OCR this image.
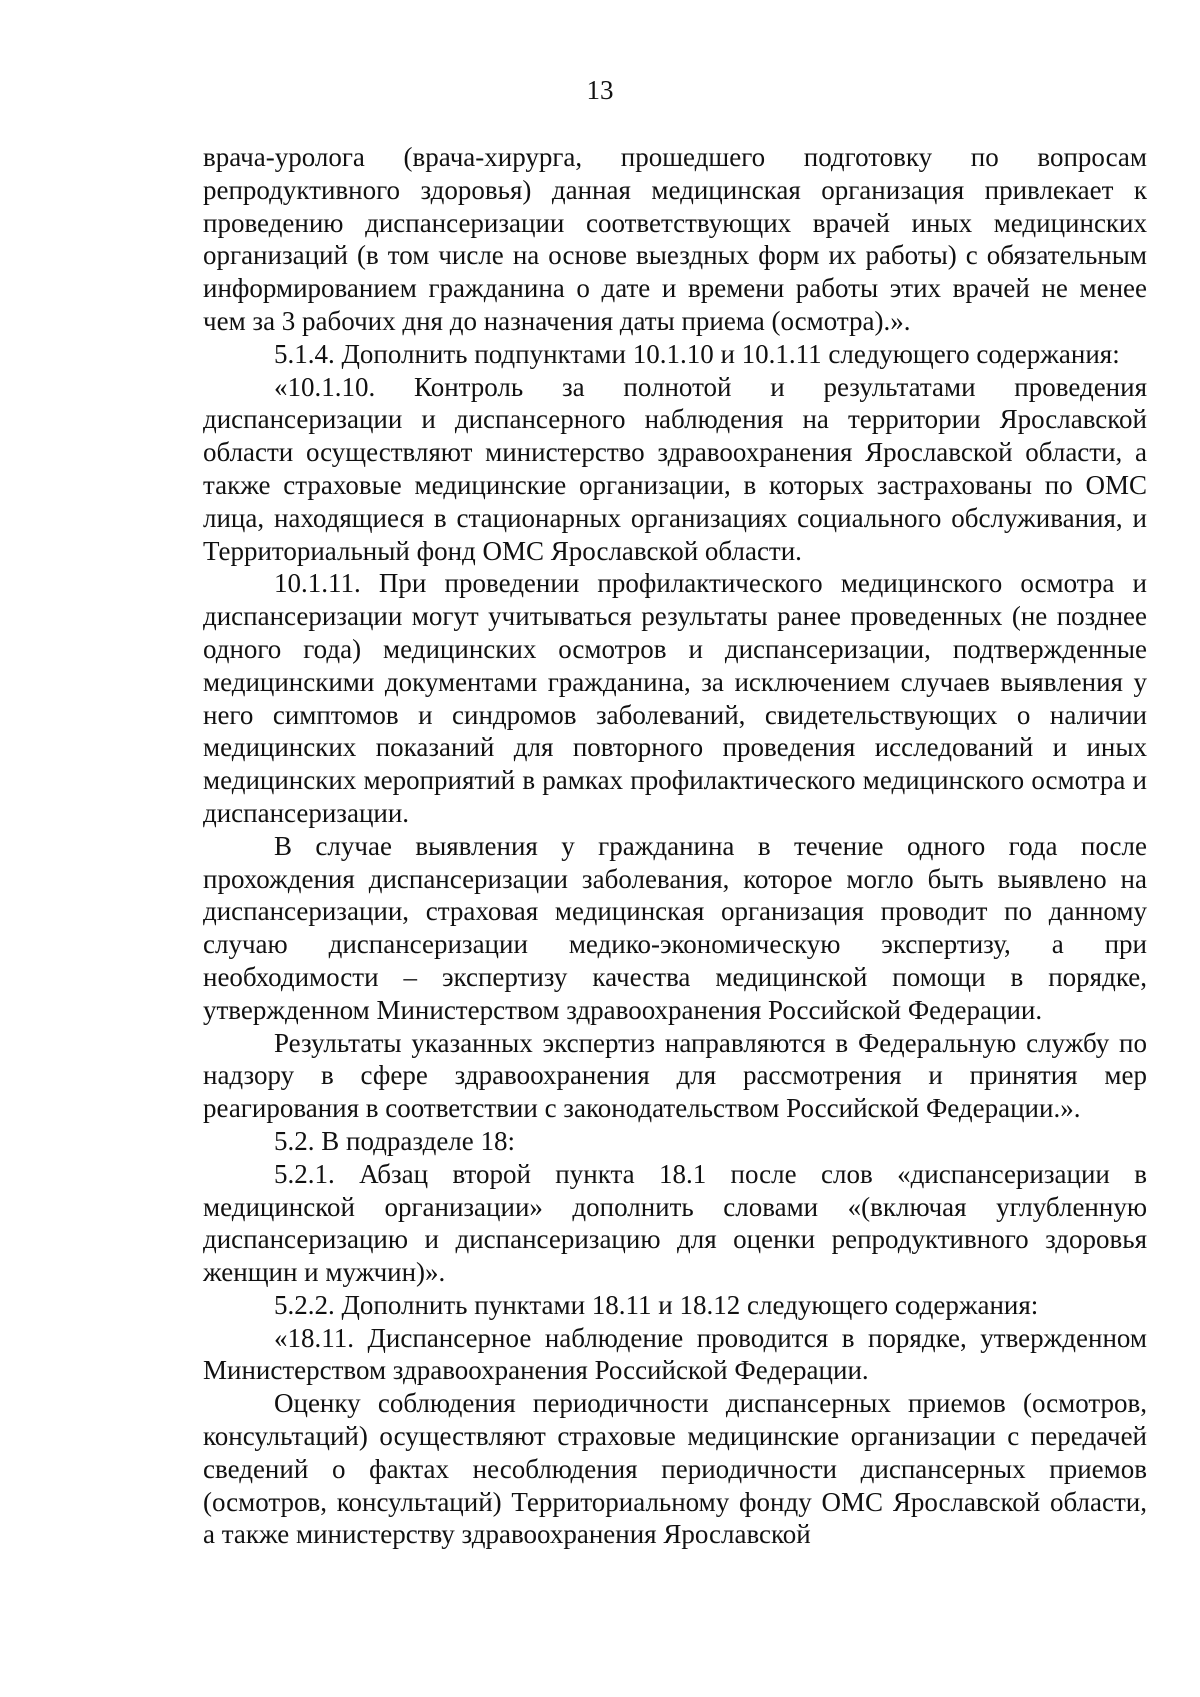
13

врача-уролога (врача-хирурга, прошедшего подготовку по вопросам репродуктивного здоровья) данная медицинская организация привлекает к проведению диспансеризации соответствующих врачей иных медицинских организаций (в том числе на основе выездных форм их работы) с обязательным информированием гражданина о дате и времени работы этих врачей не менее чем за 3 рабочих дня до назначения даты приема (осмотра).».

5.1.4. Дополнить подпунктами 10.1.10 и 10.1.11 следующего содержания:

«10.1.10. Контроль за полнотой и результатами проведения диспансеризации и диспансерного наблюдения на территории Ярославской области осуществляют министерство здравоохранения Ярославской области, а также страховые медицинские организации, в которых застрахованы по ОМС лица, находящиеся в стационарных организациях социального обслуживания, и Территориальный фонд ОМС Ярославской области.

10.1.11. При проведении профилактического медицинского осмотра и диспансеризации могут учитываться результаты ранее проведенных (не позднее одного года) медицинских осмотров и диспансеризации, подтвержденные медицинскими документами гражданина, за исключением случаев выявления у него симптомов и синдромов заболеваний, свидетельствующих о наличии медицинских показаний для повторного проведения исследований и иных медицинских мероприятий в рамках профилактического медицинского осмотра и диспансеризации.

В случае выявления у гражданина в течение одного года после прохождения диспансеризации заболевания, которое могло быть выявлено на диспансеризации, страховая медицинская организация проводит по данному случаю диспансеризации медико-экономическую экспертизу, а при необходимости – экспертизу качества медицинской помощи в порядке, утвержденном Министерством здравоохранения Российской Федерации.

Результаты указанных экспертиз направляются в Федеральную службу по надзору в сфере здравоохранения для рассмотрения и принятия мер реагирования в соответствии с законодательством Российской Федерации.».

5.2. В подразделе 18:

5.2.1. Абзац второй пункта 18.1 после слов «диспансеризации в медицинской организации» дополнить словами «(включая углубленную диспансеризацию и диспансеризацию для оценки репродуктивного здоровья женщин и мужчин)».

5.2.2. Дополнить пунктами 18.11 и 18.12 следующего содержания:

«18.11. Диспансерное наблюдение проводится в порядке, утвержденном Министерством здравоохранения Российской Федерации.

Оценку соблюдения периодичности диспансерных приемов (осмотров, консультаций) осуществляют страховые медицинские организации с передачей сведений о фактах несоблюдения периодичности диспансерных приемов (осмотров, консультаций) Территориальному фонду ОМС Ярославской области, а также министерству здравоохранения Ярославской
